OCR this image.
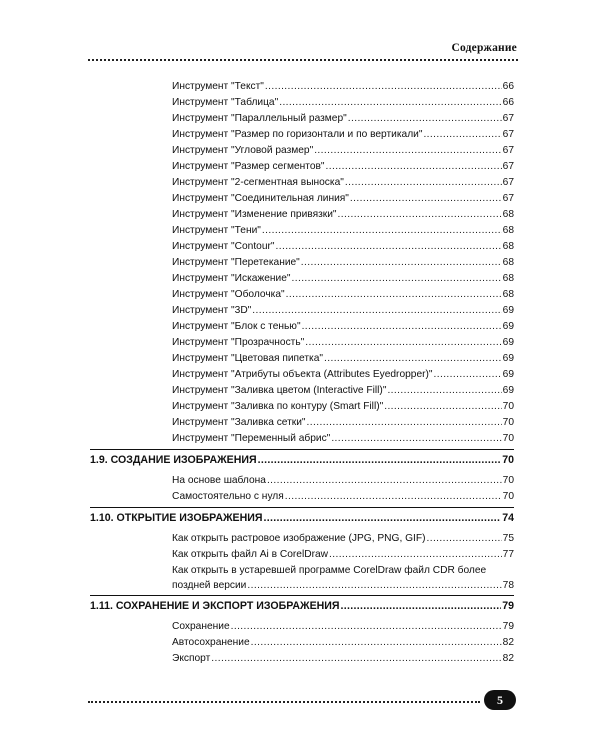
Содержание
Инструмент "Текст" .....	66
Инструмент "Таблица" .....	66
Инструмент "Параллельный размер" .....	67
Инструмент "Размер по горизонтали и по вертикали" .....	67
Инструмент "Угловой размер" .....	67
Инструмент "Размер сегментов" .....	67
Инструмент "2-сегментная выноска" .....	67
Инструмент "Соединительная линия" .....	67
Инструмент "Изменение привязки" .....	68
Инструмент "Тени" .....	68
Инструмент "Contour" .....	68
Инструмент "Перетекание" .....	68
Инструмент "Искажение" .....	68
Инструмент "Оболочка" .....	68
Инструмент "3D" .....	69
Инструмент "Блок с тенью" .....	69
Инструмент "Прозрачность" .....	69
Инструмент "Цветовая пипетка" .....	69
Инструмент "Атрибуты объекта (Attributes Eyedropper)" .....	69
Инструмент "Заливка цветом (Interactive Fill)" .....	69
Инструмент "Заливка по контуру (Smart Fill)" .....	70
Инструмент "Заливка сетки" .....	70
Инструмент "Переменный абрис" .....	70
1.9. СОЗДАНИЕ ИЗОБРАЖЕНИЯ .....	70
На основе шаблона .....	70
Самостоятельно с нуля .....	70
1.10. ОТКРЫТИЕ ИЗОБРАЖЕНИЯ .....	74
Как открыть растровое изображение (JPG, PNG, GIF) .....	75
Как открыть файл Ai в CorelDraw .....	77
Как открыть в устаревшей программе CorelDraw файл CDR более
поздней версии .....	78
1.11. СОХРАНЕНИЕ И ЭКСПОРТ ИЗОБРАЖЕНИЯ .....	79
Сохранение .....	79
Автосохранение .....	82
Экспорт .....	82
5
